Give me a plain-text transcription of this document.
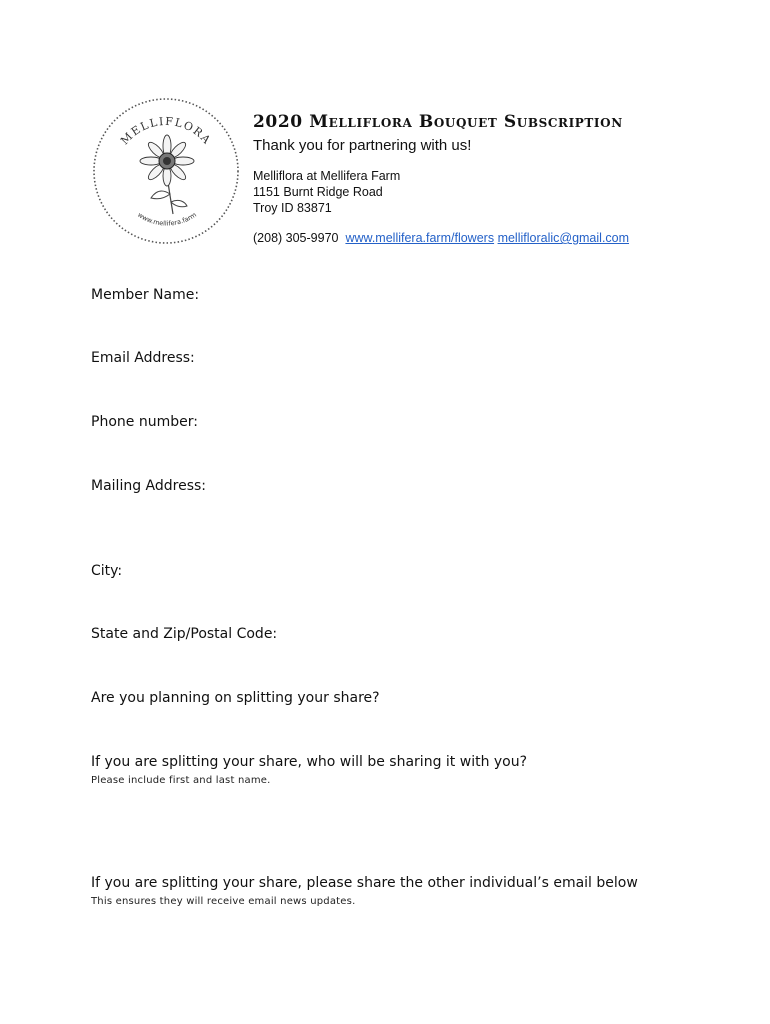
MELLIFLORA
www.mellifera.farm
2020 Melliflora Bouquet Subscription
Thank you for partnering with us!
Melliflora at Mellifera Farm
1151 Burnt Ridge Road
Troy ID 83871
(208) 305-9970 www.mellifera.farm/flowers mellifloralic@gmail.com
Member Name:
Email Address:
Phone number:
Mailing Address:
City:
State and Zip/Postal Code:
Are you planning on splitting your share?
If you are splitting your share, who will be sharing it with you?
Please include first and last name.
If you are splitting your share, please share the other individual’s email below
This ensures they will receive email news updates.
